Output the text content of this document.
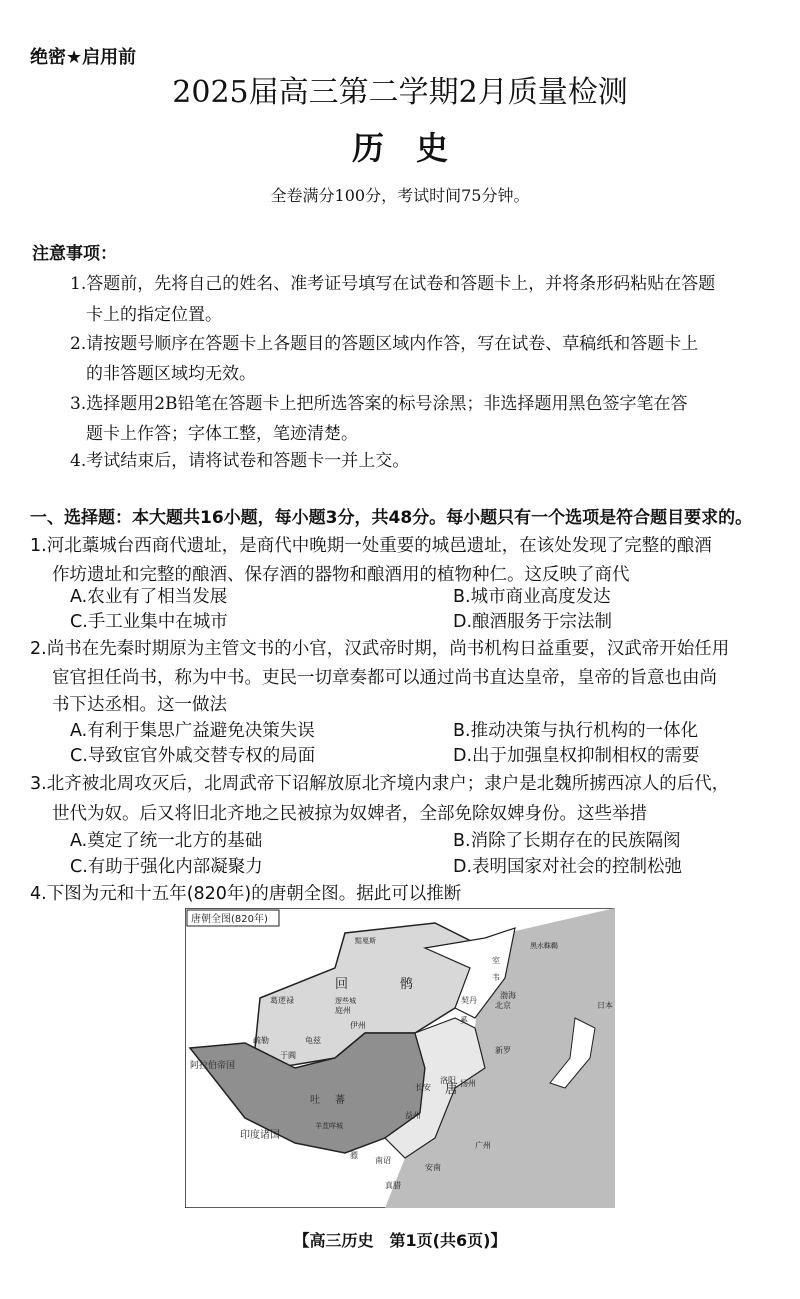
绝密★启用前
2025届高三第二学期2月质量检测
历　史
全卷满分100分，考试时间75分钟。
注意事项：
1.答题前，先将自己的姓名、准考证号填写在试卷和答题卡上，并将条形码粘贴在答题
卡上的指定位置。
2.请按题号顺序在答题卡上各题目的答题区域内作答，写在试卷、草稿纸和答题卡上
的非答题区域均无效。
3.选择题用2B铅笔在答题卡上把所选答案的标号涂黑；非选择题用黑色签字笔在答
题卡上作答；字体工整，笔迹清楚。
4.考试结束后，请将试卷和答题卡一并上交。
一、选择题：本大题共16小题，每小题3分，共48分。每小题只有一个选项是符合题目要求的。
1.河北藁城台西商代遗址，是商代中晚期一处重要的城邑遗址，在该处发现了完整的酿酒
作坊遗址和完整的酿酒、保存酒的器物和酿酒用的植物种仁。这反映了商代
A.农业有了相当发展	B.城市商业高度发达
C.手工业集中在城市	D.酿酒服务于宗法制
2.尚书在先秦时期原为主管文书的小官，汉武帝时期，尚书机构日益重要，汉武帝开始任用
宦官担任尚书，称为中书。吏民一切章奏都可以通过尚书直达皇帝，皇帝的旨意也由尚
书下达丞相。这一做法
A.有利于集思广益避免决策失误	B.推动决策与执行机构的一体化
C.导致宦官外戚交替专权的局面	D.出于加强皇权抑制相权的需要
3.北齐被北周攻灭后，北周武帝下诏解放原北齐境内隶户；隶户是北魏所掳西凉人的后代，
世代为奴。后又将旧北齐地之民被掠为奴婢者，全部免除奴婢身份。这些举措
A.奠定了统一北方的基础	B.消除了长期存在的民族隔阂
C.有助于强化内部凝聚力	D.表明国家对社会的控制松弛
4.下图为元和十五年(820年)的唐朝全图。据此可以推断
唐朝全图(820年)
回	鹘
吐 蕃
唐
长安
洛阳 扬州
北京
阿拉伯帝国
印度诸国
葛逻禄
于阗
龟兹
疏勒
伊州
庭州
室
韦
契丹
奚
渤海
新罗
日本
益州
广州
南诏
黠戛斯
黑水靺鞨
羊苴咩城
逻些城
骠
安南
真腊
【高三历史　第1页(共6页)】
